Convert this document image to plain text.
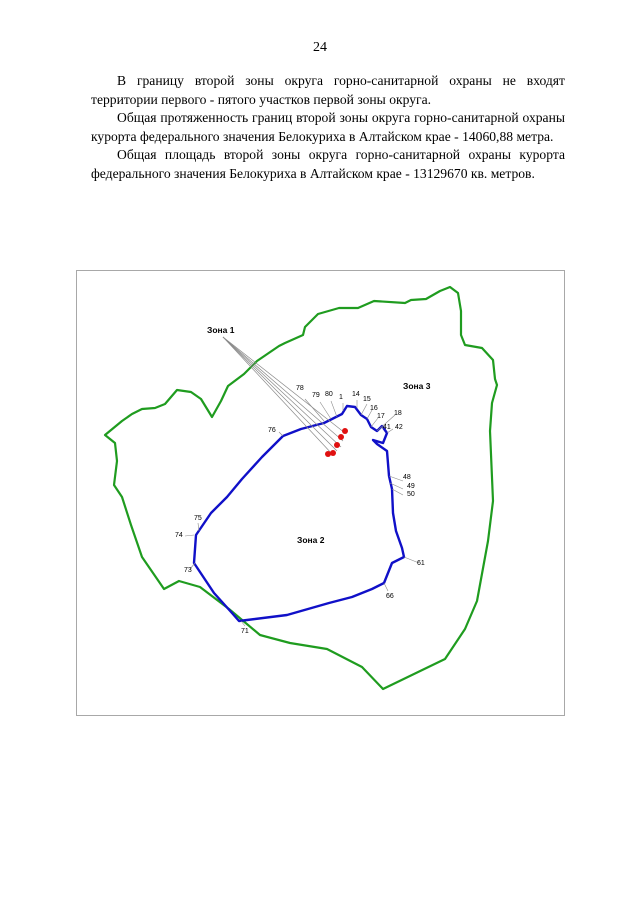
24

В границу второй зоны округа горно-санитарной охраны не входят территории первого - пятого участков первой зоны округа.

Общая протяженность границ второй зоны округа горно-санитарной охраны курорта федерального значения Белокуриха в Алтайском крае - 14060,88 метра.

Общая площадь второй зоны округа горно-санитарной охраны курорта федерального значения Белокуриха в Алтайском крае - 13129670 кв. метров.

Зона 1
Зона 2
Зона 3
78
79 80 1 14
15
16
17 18
41 42
76
48
49
50
75
74
73
61
66
71
